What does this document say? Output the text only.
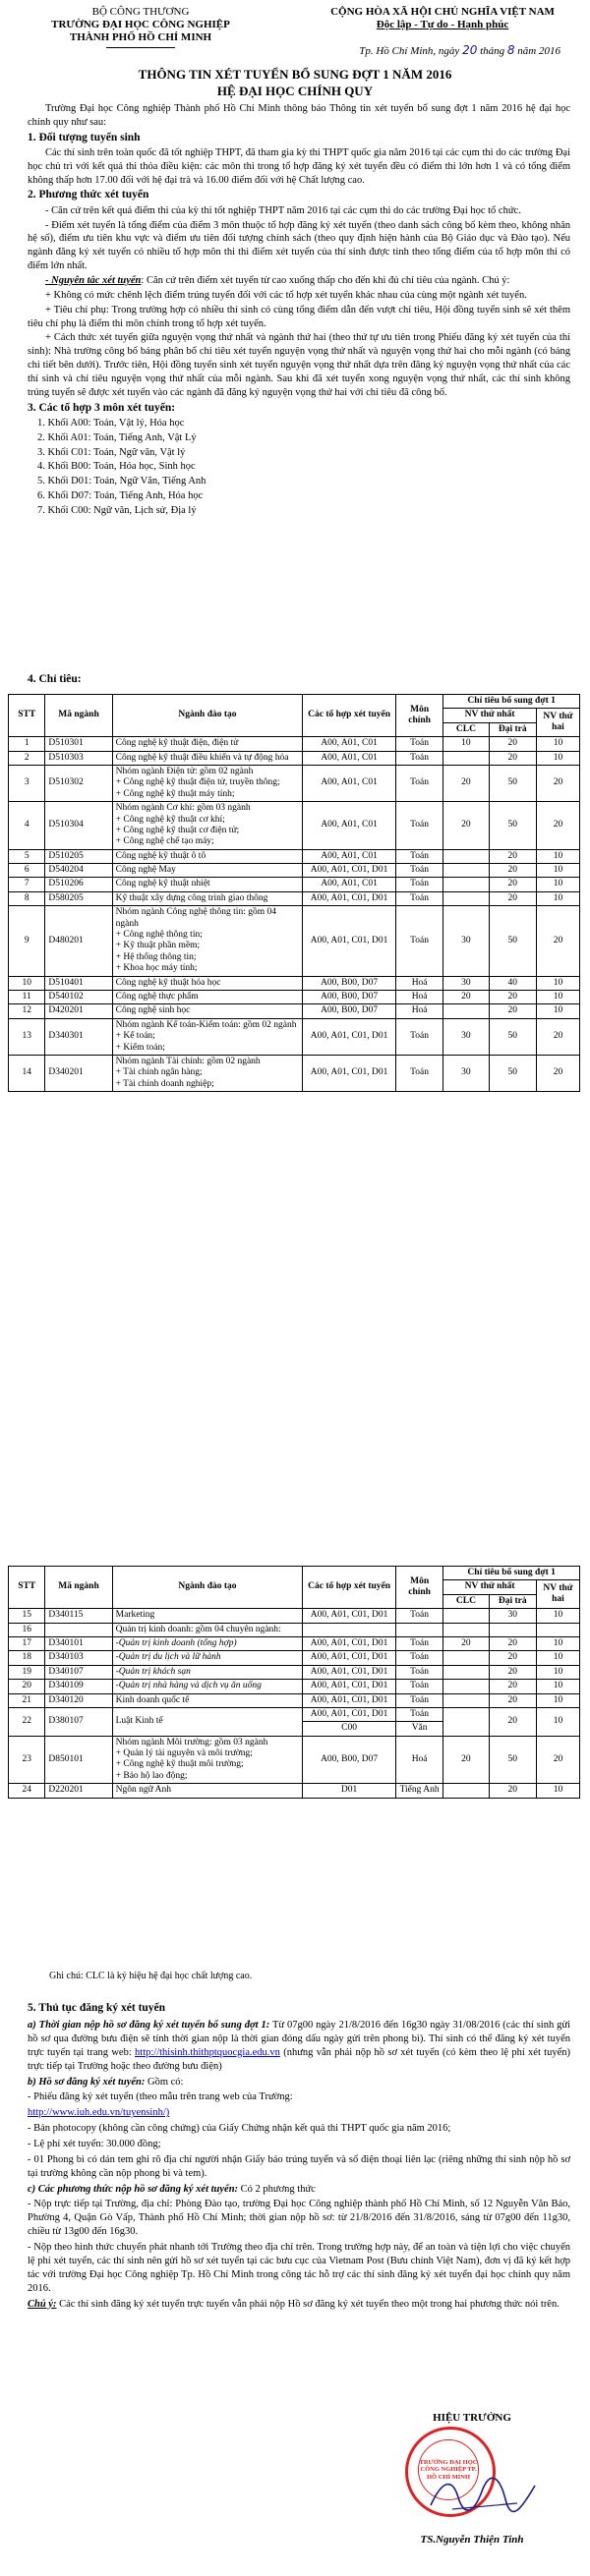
BỘ CÔNG THƯƠNG
TRƯỜNG ĐẠI HỌC CÔNG NGHIỆP
THÀNH PHỐ HỒ CHÍ MINH
CỘNG HÒA XÃ HỘI CHỦ NGHĨA VIỆT NAM
Độc lập - Tự do - Hạnh phúc
Tp. Hồ Chí Minh, ngày 20 tháng 8 năm 2016
THÔNG TIN XÉT TUYỂN BỔ SUNG ĐỢT 1 NĂM 2016
HỆ ĐẠI HỌC CHÍNH QUY

Trường Đại học Công nghiệp Thành phố Hồ Chí Minh thông báo Thông tin xét tuyển bổ sung đợt 1 năm 2016 hệ đại học chính quy như sau:

1. Đối tượng tuyển sinh

Các thí sinh trên toàn quốc đã tốt nghiệp THPT, đã tham gia kỳ thi THPT quốc gia năm 2016 tại các cụm thi do các trường Đại học chủ trì với kết quả thi thỏa điều kiện: các môn thi trong tổ hợp đăng ký xét tuyển đều có điểm thi lớn hơn 1 và có tổng điểm không thấp hơn 17.00 đối với hệ đại trà và 16.00 điểm đối với hệ Chất lượng cao.

2. Phương thức xét tuyển

- Căn cứ trên kết quả điểm thi của kỳ thi tốt nghiệp THPT năm 2016 tại các cụm thi do các trường Đại học tổ chức.

- Điểm xét tuyển là tổng điểm của điểm 3 môn thuộc tổ hợp đăng ký xét tuyển (theo danh sách công bố kèm theo, không nhân hệ số), điểm ưu tiên khu vực và điểm ưu tiên đối tượng chính sách (theo quy định hiện hành của Bộ Giáo dục và Đào tạo). Nếu ngành đăng ký xét tuyển có nhiều tổ hợp môn thi thì điểm xét tuyển của thí sinh được tính theo tổng điểm của tổ hợp môn thi có điểm lớn nhất.

- Nguyên tắc xét tuyển: Căn cứ trên điểm xét tuyển từ cao xuống thấp cho đến khi đủ chỉ tiêu của ngành. Chú ý:

+ Không có mức chênh lệch điểm trúng tuyển đối với các tổ hợp xét tuyển khác nhau của cùng một ngành xét tuyển.

+ Tiêu chí phụ: Trong trường hợp có nhiều thí sinh có cùng tổng điểm dẫn đến vượt chỉ tiêu, Hội đồng tuyển sinh sẽ xét thêm tiêu chí phụ là điểm thi môn chính trong tổ hợp xét tuyển.

+ Cách thức xét tuyển giữa nguyện vọng thứ nhất và ngành thứ hai (theo thứ tự ưu tiên trong Phiếu đăng ký xét tuyển của thí sinh): Nhà trường công bố bảng phân bổ chỉ tiêu xét tuyển nguyện vọng thứ nhất và nguyện vọng thứ hai cho mỗi ngành (có bảng chi tiết bên dưới). Trước tiên, Hội đồng tuyển sinh xét tuyển nguyện vọng thứ nhất dựa trên đăng ký nguyện vọng thứ nhất của các thí sinh và chỉ tiêu nguyện vọng thứ nhất của mỗi ngành. Sau khi đã xét tuyển xong nguyện vọng thứ nhất, các thí sinh không trúng tuyển sẽ được xét tuyển vào các ngành đã đăng ký nguyện vọng thứ hai với chỉ tiêu đã công bố.

3. Các tổ hợp 3 môn xét tuyển:

1. Khối A00: Toán, Vật lý, Hóa học

2. Khối A01: Toán, Tiếng Anh, Vật Lý

3. Khối C01: Toán, Ngữ văn, Vật lý

4. Khối B00: Toán, Hóa học, Sinh học

5. Khối D01: Toán, Ngữ Văn, Tiếng Anh

6. Khối D07: Toán, Tiếng Anh, Hóa học

7. Khối C00: Ngữ văn, Lịch sử, Địa lý

4. Chỉ tiêu:
STT	Mã ngành	Ngành đào tạo	Các tổ hợp xét tuyển	Môn chính	Chỉ tiêu bổ sung đợt 1		
					NV thứ nhất		NV thứ hai
					CLC	Đại trà	
1	D510301	Công nghệ kỹ thuật điện, điện tử	A00, A01, C01	Toán	10	20	10
2	D510303	Công nghệ kỹ thuật điều khiển và tự động hóa	A00, A01, C01	Toán		20	10
3	D510302	Nhóm ngành Điện tử: gồm 02 ngành
+ Công nghệ kỹ thuật điện tử, truyền thông;
+ Công nghệ kỹ thuật máy tính;	A00, A01, C01	Toán	20	50	20
4	D510304	Nhóm ngành Cơ khí: gồm 03 ngành
+ Công nghệ kỹ thuật cơ khí;
+ Công nghệ kỹ thuật cơ điện tử;
+ Công nghệ chế tạo máy;	A00, A01, C01	Toán	20	50	20
5	D510205	Công nghệ kỹ thuật ô tô	A00, A01, C01	Toán		20	10
6	D540204	Công nghệ May	A00, A01, C01, D01	Toán		20	10
7	D510206	Công nghệ kỹ thuật nhiệt	A00, A01, C01	Toán		20	10
8	D580205	Kỹ thuật xây dựng công trình giao thông	A00, A01, C01, D01	Toán		20	10
9	D480201	Nhóm ngành Công nghệ thông tin: gồm 04 ngành
+ Công nghệ thông tin;
+ Kỹ thuật phần mềm;
+ Hệ thống thông tin;
+ Khoa học máy tính;	A00, A01, C01, D01	Toán	30	50	20
10	D510401	Công nghệ kỹ thuật hóa học	A00, B00, D07	Hoá	30	40	10
11	D540102	Công nghệ thực phẩm	A00, B00, D07	Hoá	20	20	10
12	D420201	Công nghệ sinh học	A00, B00, D07	Hoá		20	10
13	D340301	Nhóm ngành Kế toán-Kiểm toán: gồm 02 ngành
+ Kế toán;
+ Kiểm toán;	A00, A01, C01, D01	Toán	30	50	20
14	D340201	Nhóm ngành Tài chính: gồm 02 ngành
+ Tài chính ngân hàng;
+ Tài chính doanh nghiệp;	A00, A01, C01, D01	Toán	30	50	20
STT	Mã ngành	Ngành đào tạo	Các tổ hợp xét tuyển	Môn chính	Chỉ tiêu bổ sung đợt 1		
					NV thứ nhất		NV thứ hai
					CLC	Đại trà	
15	D340115	Marketing	A00, A01, C01, D01	Toán		30	10
16		Quản trị kinh doanh: gồm 04 chuyên ngành:					

17	D340101	-Quản trị kinh doanh (tổng hợp)	A00, A01, C01, D01	Toán	20	20	10
18	D340103	-Quản trị du lịch và lữ hành	A00, A01, C01, D01	Toán		20	10
19	D340107	-Quản trị khách sạn	A00, A01, C01, D01	Toán		20	10
20	D340109	-Quản trị nhà hàng và dịch vụ ăn uống	A00, A01, C01, D01	Toán		20	10
21	D340120	Kinh doanh quốc tế	A00, A01, C01, D01	Toán		20	10
22	D380107	Luật Kinh tế	A00, A01, C01, D01	Toán		20	10
			C00	Văn			
23	D850101	Nhóm ngành Môi trường: gồm 03 ngành
+ Quản lý tài nguyên và môi trường;
+ Công nghệ kỹ thuật môi trường;
+ Bảo hộ lao động;	A00, B00, D07	Hoá	20	50	20
24	D220201	Ngôn ngữ Anh	D01	Tiếng Anh		20	10
Ghi chú: CLC là ký hiệu hệ đại học chất lượng cao.

5. Thủ tục đăng ký xét tuyển

a) Thời gian nộp hồ sơ đăng ký xét tuyển bổ sung đợt 1: Từ 07g00 ngày 21/8/2016 đến 16g30 ngày 31/08/2016 (các thí sinh gửi hồ sơ qua đường bưu điện sẽ tính thời gian nộp là thời gian đóng dấu ngày gửi trên phong bì). Thí sinh có thể đăng ký xét tuyển trực tuyến tại trang web: http://thisinh.thithptquocgia.edu.vn (nhưng vẫn phải nộp hồ sơ xét tuyển (có kèm theo lệ phí xét tuyển) trực tiếp tại Trường hoặc theo đường bưu điện)

b) Hồ sơ đăng ký xét tuyển: Gồm có:

- Phiếu đăng ký xét tuyển (theo mẫu trên trang web của Trường:

http://www.iuh.edu.vn/tuyensinh/)

- Bản photocopy (không cần công chứng) của Giấy Chứng nhận kết quả thi THPT quốc gia năm 2016;

- Lệ phí xét tuyển: 30.000 đồng;

- 01 Phong bì có dán tem ghi rõ địa chỉ người nhận Giấy báo trúng tuyển và số điện thoại liên lạc (riêng những thí sinh nộp hồ sơ tại trường không cần nộp phong bì và tem).

c) Các phương thức nộp hồ sơ đăng ký xét tuyển: Có 2 phương thức

- Nộp trực tiếp tại Trường, địa chỉ: Phòng Đào tạo, trường Đại học Công nghiệp thành phố Hồ Chí Minh, số 12 Nguyễn Văn Bảo, Phường 4, Quận Gò Vấp, Thành phố Hồ Chí Minh; thời gian nộp hồ sơ: từ 21/8/2016 đến 31/8/2016, sáng từ 07g00 đến 11g30, chiều từ 13g00 đến 16g30.

- Nộp theo hình thức chuyển phát nhanh tới Trường theo địa chỉ trên. Trong trường hợp này, để an toàn và tiện lợi cho việc chuyển lệ phí xét tuyển, các thí sinh nên gửi hồ sơ xét tuyển tại các bưu cục của Vietnam Post (Bưu chính Việt Nam), đơn vị đã ký kết hợp tác với trường Đại học Công nghiệp Tp. Hồ Chí Minh trong công tác hỗ trợ các thí sinh đăng ký xét tuyển đại học chính quy năm 2016.

Chú ý: Các thí sinh đăng ký xét tuyển trực tuyến vẫn phải nộp Hồ sơ đăng ký xét tuyển theo một trong hai phương thức nói trên.

HIỆU TRƯỞNG
TRƯỜNG ĐẠI HỌC CÔNG NGHIỆP TP. HỒ CHÍ MINH
TS.Nguyễn Thiện Tinh
